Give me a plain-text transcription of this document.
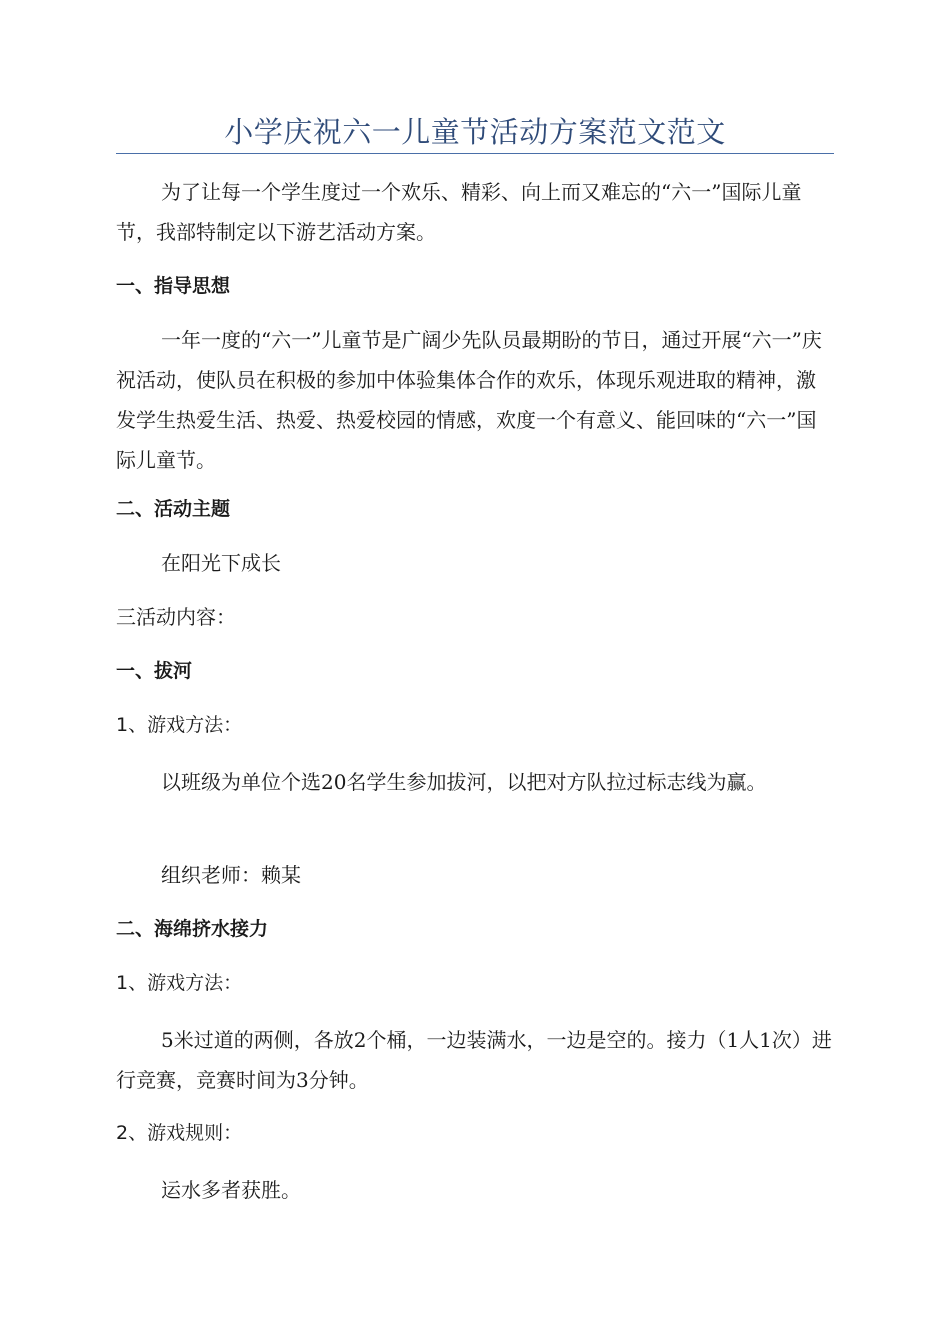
小学庆祝六一儿童节活动方案范文范文

为了让每一个学生度过一个欢乐、精彩、向上而又难忘的“六一”国际儿童节，我部特制定以下游艺活动方案。

一、指导思想

一年一度的“六一”儿童节是广阔少先队员最期盼的节日，通过开展“六一”庆祝活动，使队员在积极的参加中体验集体合作的欢乐，体现乐观进取的精神，激发学生热爱生活、热爱、热爱校园的情感，欢度一个有意义、能回味的“六一”国际儿童节。

二、活动主题

在阳光下成长

三活动内容：

一、拔河

1、游戏方法：

以班级为单位个选20名学生参加拔河，以把对方队拉过标志线为赢。

组织老师：赖某

二、海绵挤水接力

1、游戏方法：

5米过道的两侧，各放2个桶，一边装满水，一边是空的。接力（1人1次）进行竞赛，竞赛时间为3分钟。

2、游戏规则：

运水多者获胜。
